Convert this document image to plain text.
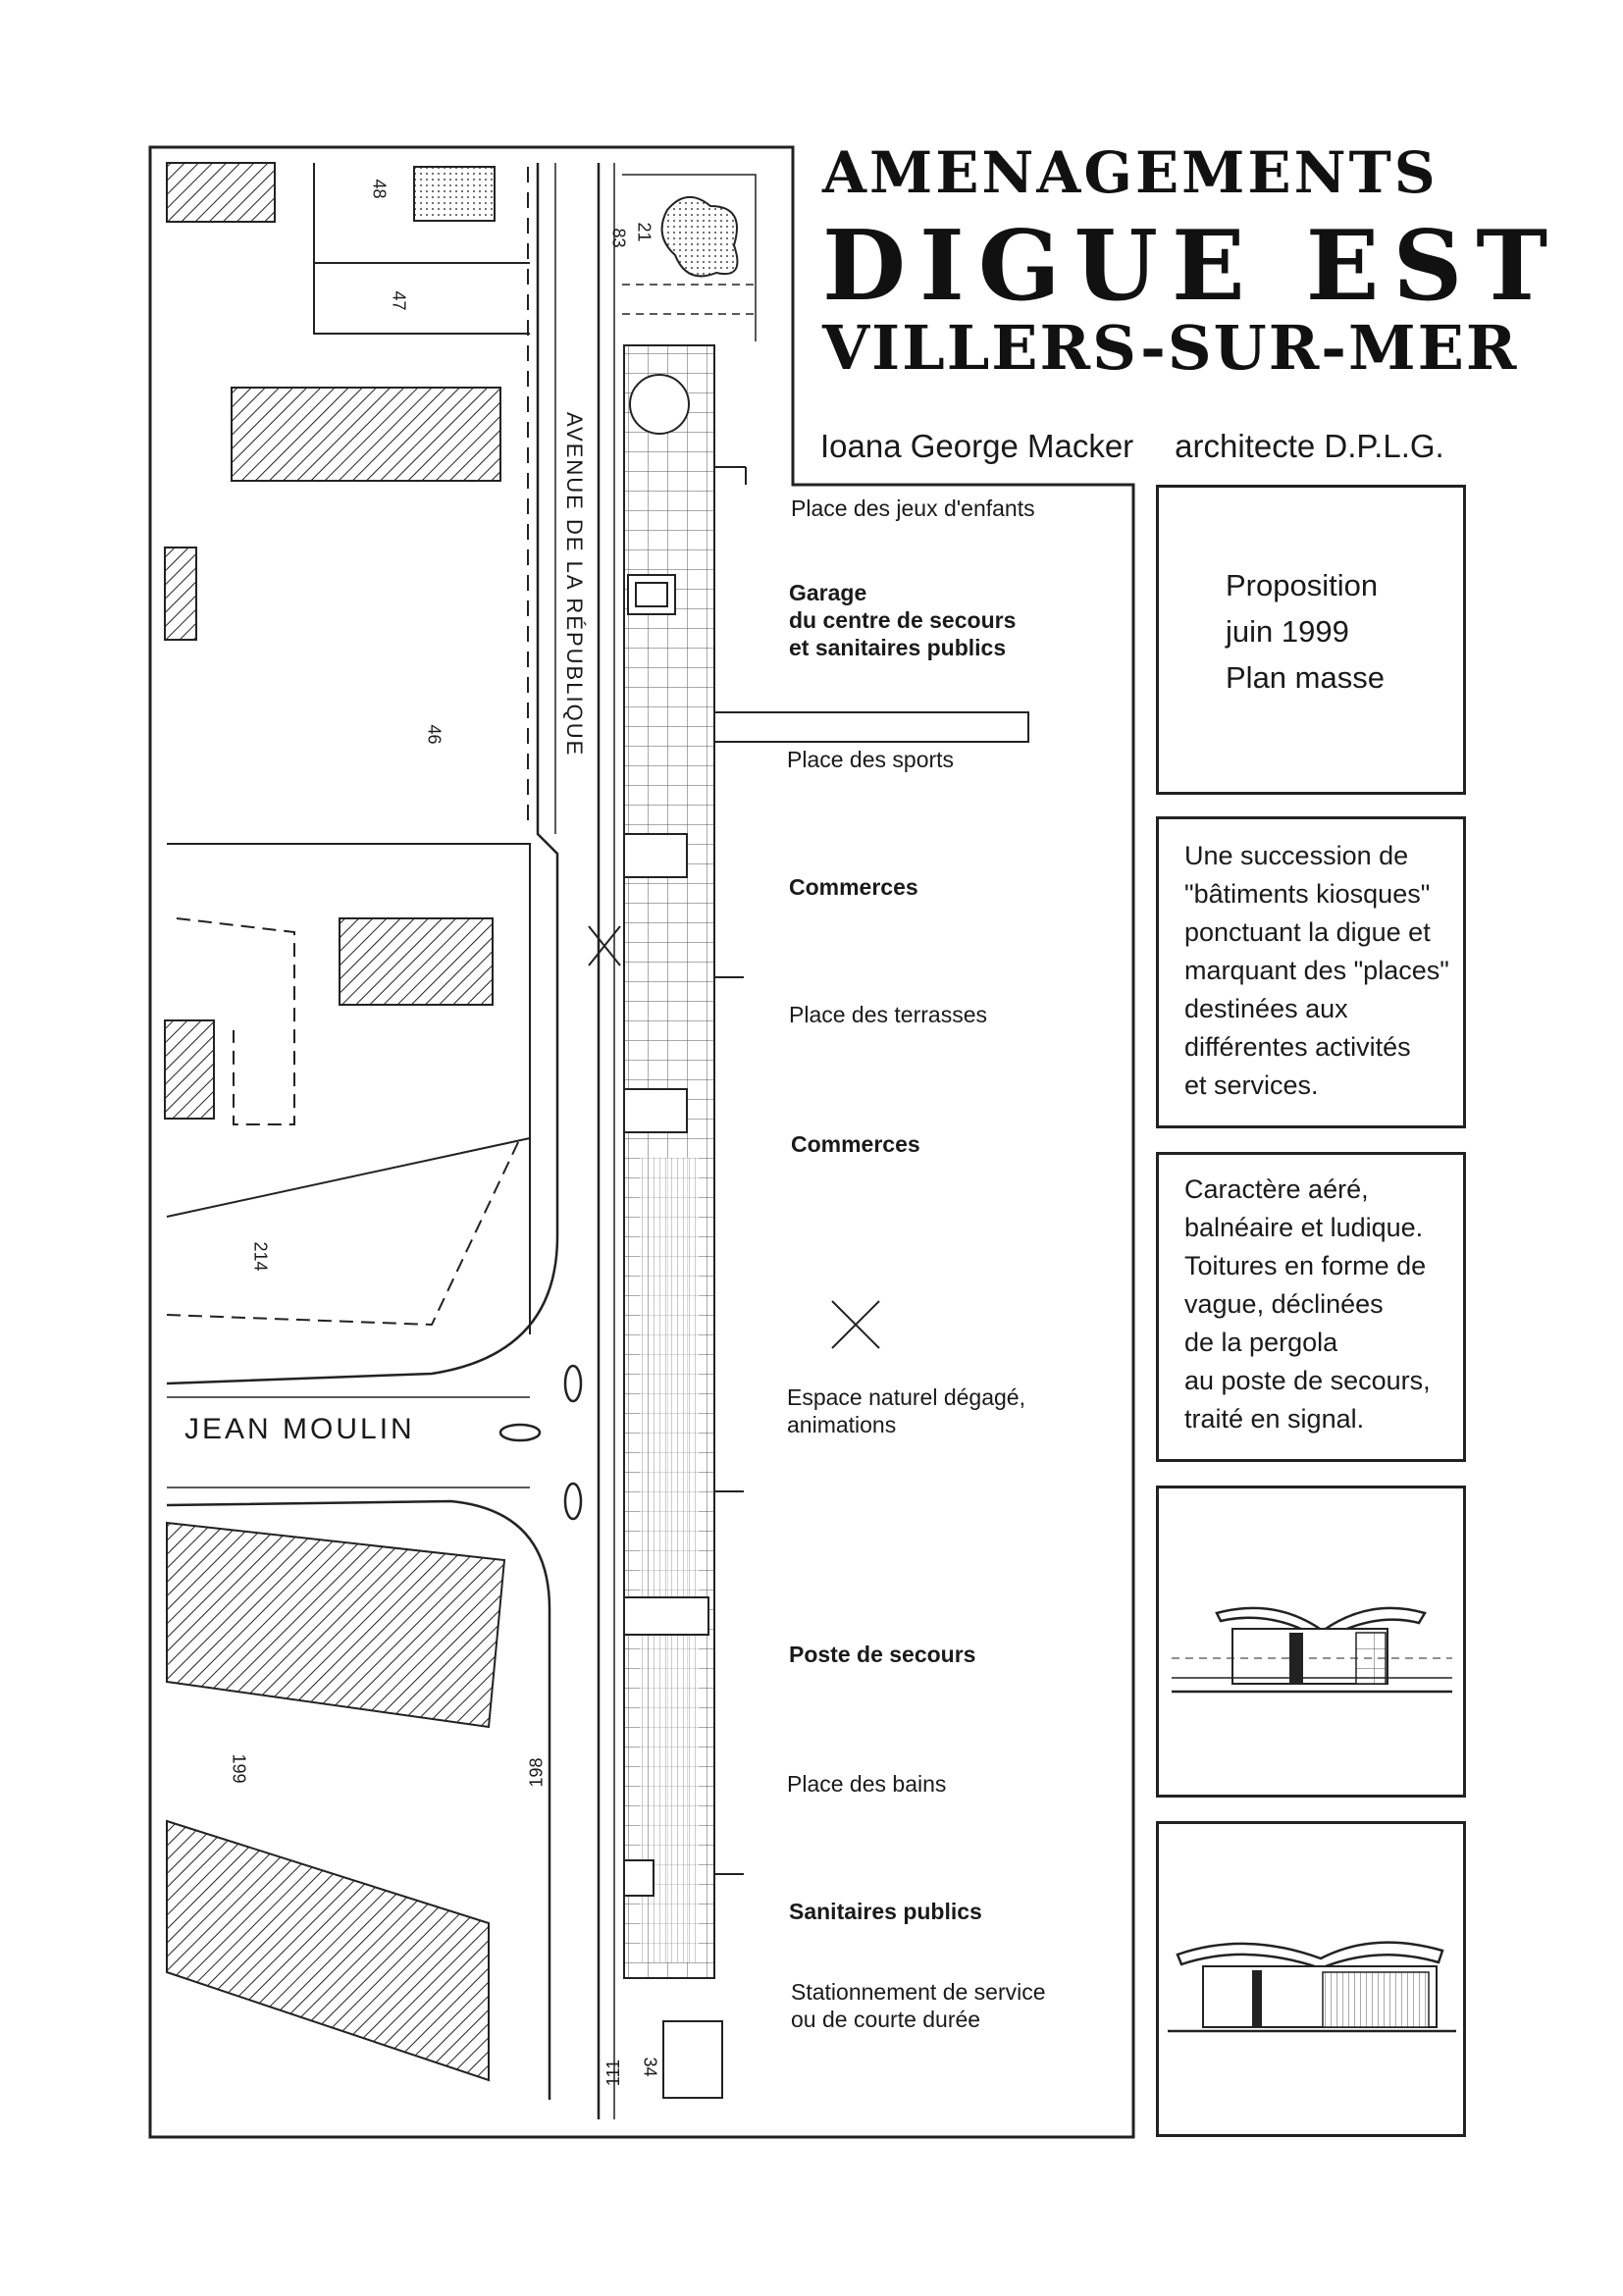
AMENAGEMENTS
DIGUE EST
VILLERS-SUR-MER
Ioana George Macker architecte D.P.L.G.
Proposition
juin 1999
Plan masse
Une succession de
"bâtiments kiosques"
ponctuant la digue et
marquant des "places"
destinées aux
différentes activités
et services.
Caractère aéré,
balnéaire et ludique.
Toitures en forme de
vague, déclinées
de la pergola
au poste de secours,
traité en signal.
Place des jeux d'enfants
Garage
du centre de secours
et sanitaires publics
Place des sports
Commerces
Place des terrasses
Commerces
Espace naturel dégagé,
animations
Poste de secours
Place des bains
Sanitaires publics
Stationnement de service
ou de courte durée
AVENUE DE LA RÉPUBLIQUE
JEAN MOULIN
48
47
46
214
199	198
21
83
34
111
